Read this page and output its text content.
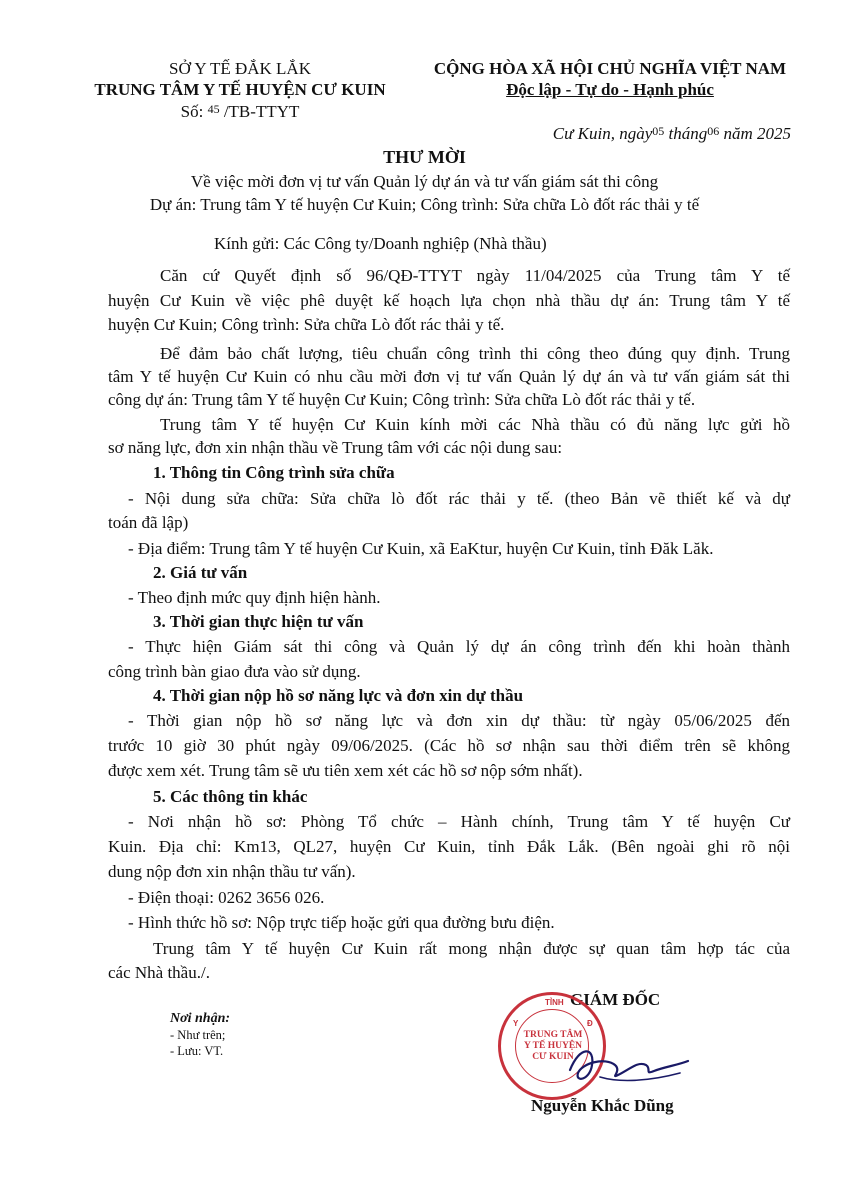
SỞ Y TẾ ĐẮK LẮK
TRUNG TÂM Y TẾ HUYỆN CƯ KUIN
Số: $^{45}$ /TB-TTYT
CỘNG HÒA XÃ HỘI CHỦ NGHĨA VIỆT NAM
Độc lập - Tự do - Hạnh phúc
Cư Kuin, ngày$^{05}$ tháng$^{06}$ năm 2025
THƯ MỜI
Về việc mời đơn vị tư vấn Quản lý dự án và tư vấn giám sát thi công
Dự án: Trung tâm Y tế huyện Cư Kuin; Công trình: Sửa chữa Lò đốt rác thải y tế
Kính gửi: Các Công ty/Doanh nghiệp (Nhà thầu)
Căn cứ Quyết định số 96/QĐ-TTYT ngày 11/04/2025 của Trung tâm Y tế
huyện Cư Kuin về việc phê duyệt kế hoạch lựa chọn nhà thầu dự án: Trung tâm Y tế
huyện Cư Kuin; Công trình: Sửa chữa Lò đốt rác thải y tế.
Để đảm bảo chất lượng, tiêu chuẩn công trình thi công theo đúng quy định. Trung
tâm Y tế huyện Cư Kuin có nhu cầu mời đơn vị tư vấn Quản lý dự án và tư vấn giám sát thi
công dự án: Trung tâm Y tế huyện Cư Kuin; Công trình: Sửa chữa Lò đốt rác thải y tế.
Trung tâm Y tế huyện Cư Kuin kính mời các Nhà thầu có đủ năng lực gửi hồ
sơ năng lực, đơn xin nhận thầu về Trung tâm với các nội dung sau:
1. Thông tin Công trình sửa chữa
- Nội dung sửa chữa: Sửa chữa lò đốt rác thải y tế. (theo Bản vẽ thiết kế và dự
toán đã lập)
- Địa điểm: Trung tâm Y tế huyện Cư Kuin, xã EaKtur, huyện Cư Kuin, tỉnh Đăk Lăk.
2. Giá tư vấn
- Theo định mức quy định hiện hành.
3. Thời gian thực hiện tư vấn
- Thực hiện Giám sát thi công và Quản lý dự án công trình đến khi hoàn thành
công trình bàn giao đưa vào sử dụng.
4. Thời gian nộp hồ sơ năng lực và đơn xin dự thầu
- Thời gian nộp hồ sơ năng lực và đơn xin dự thầu: từ ngày 05/06/2025 đến
trước 10 giờ 30 phút ngày 09/06/2025. (Các hồ sơ nhận sau thời điểm trên sẽ không
được xem xét. Trung tâm sẽ ưu tiên xem xét các hồ sơ nộp sớm nhất).
5. Các thông tin khác
- Nơi nhận hồ sơ: Phòng Tổ chức – Hành chính, Trung tâm Y tế huyện Cư
Kuin. Địa chỉ: Km13, QL27, huyện Cư Kuin, tỉnh Đắk Lắk. (Bên ngoài ghi rõ nội
dung nộp đơn xin nhận thầu tư vấn).
- Điện thoại: 0262 3656 026.
- Hình thức hồ sơ: Nộp trực tiếp hoặc gửi qua đường bưu điện.
Trung tâm Y tế huyện Cư Kuin rất mong nhận được sự quan tâm hợp tác của
các Nhà thầu./.
Nơi nhận:
- Như trên;
- Lưu: VT.
GIÁM ĐỐC
TỈNH
Y	Đ
TRUNG TÂM
Y TẾ HUYỆN
CƯ KUIN
Nguyễn Khắc Dũng
